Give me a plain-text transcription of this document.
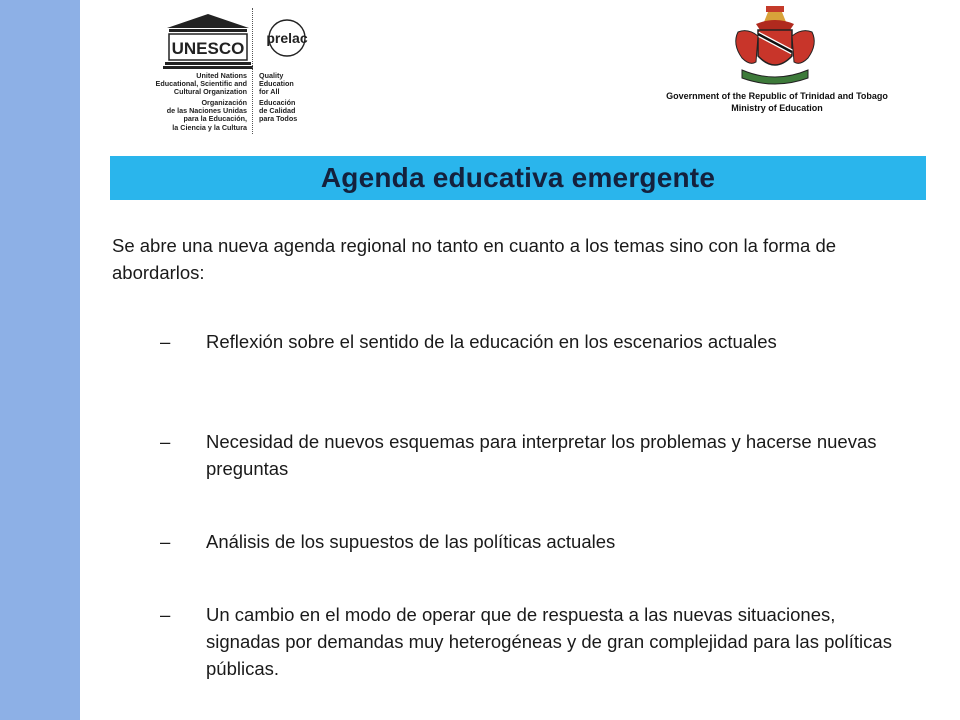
UNESCO
prelac
United Nations
Educational, Scientific and
Cultural Organization
Organización
de las Naciones Unidas
para la Educación,
la Ciencia y la Cultura
Quality
Education
for All
Educación
de Calidad
para Todos
Government of the Republic of Trinidad and Tobago
Ministry of Education
Agenda educativa emergente
Se abre una nueva agenda regional no tanto en cuanto a los temas sino con la forma de abordarlos:
–	Reflexión sobre el sentido de la educación en los escenarios actuales
–	Necesidad de nuevos esquemas para interpretar los problemas y hacerse nuevas preguntas
–	Análisis de los supuestos de las políticas actuales
–	Un cambio en el modo de operar que de respuesta a las nuevas situaciones, signadas por demandas muy heterogéneas y de gran complejidad para las políticas públicas.
